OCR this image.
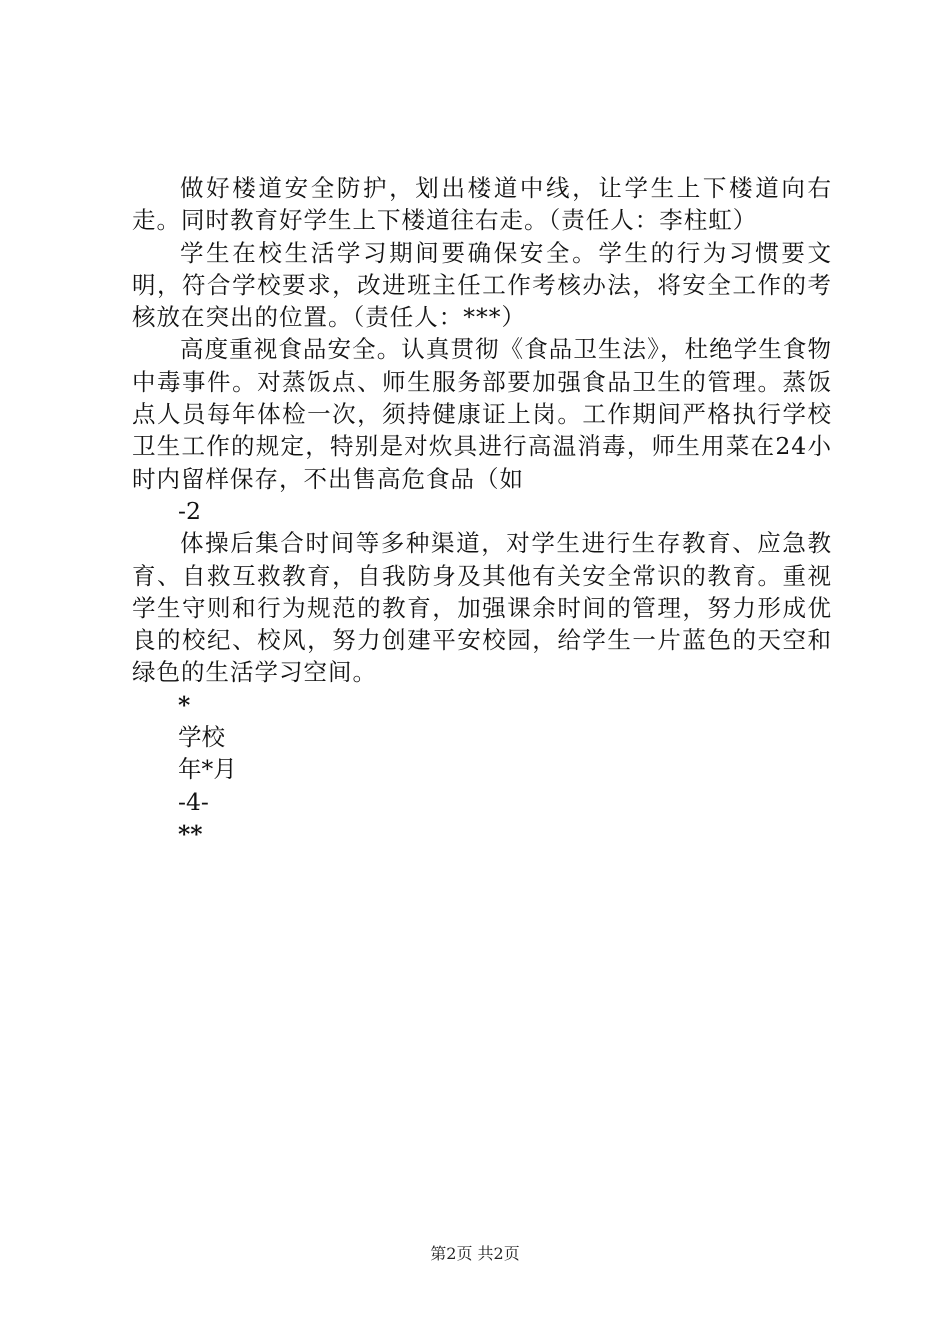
做好楼道安全防护，划出楼道中线，让学生上下楼道向右走。同时教育好学生上下楼道往右走。（责任人：李柱虹）

学生在校生活学习期间要确保安全。学生的行为习惯要文明，符合学校要求，改进班主任工作考核办法，将安全工作的考核放在突出的位置。（责任人：***）

高度重视食品安全。认真贯彻《食品卫生法》，杜绝学生食物中毒事件。对蒸饭点、师生服务部要加强食品卫生的管理。蒸饭点人员每年体检一次，须持健康证上岗。工作期间严格执行学校卫生工作的规定，特别是对炊具进行高温消毒，师生用菜在24小时内留样保存，不出售高危食品（如

-2

体操后集合时间等多种渠道，对学生进行生存教育、应急教育、自救互救教育，自我防身及其他有关安全常识的教育。重视学生守则和行为规范的教育，加强课余时间的管理，努力形成优良的校纪、校风，努力创建平安校园，给学生一片蓝色的天空和绿色的生活学习空间。

*

学校

年*月

-4-

**

第2页 共2页
